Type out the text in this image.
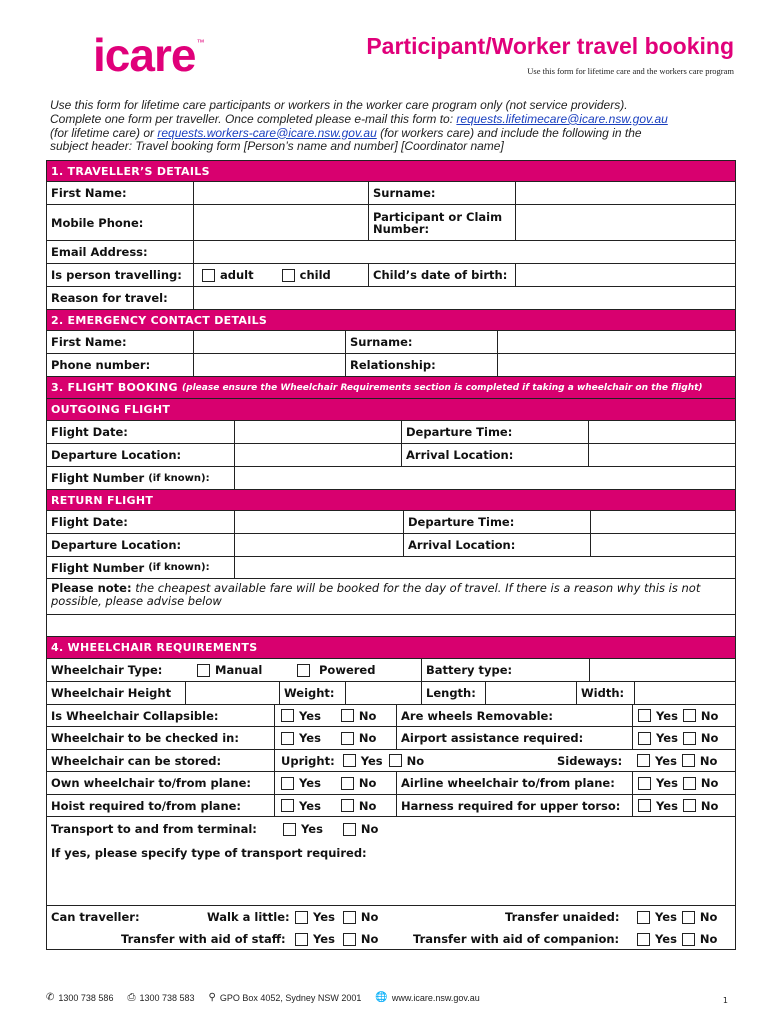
icare ™	Participant/Worker travel booking
Use this form for lifetime care and the workers care program
Use this form for lifetime care participants or workers in the worker care program only (not service providers).
Complete one form per traveller. Once completed please e-mail this form to: requests.lifetimecare@icare.nsw.gov.au
(for lifetime care) or requests.workers-care@icare.nsw.gov.au (for workers care) and include the following in the
subject header: Travel booking form [Person’s name and number] [Coordinator name]
1. TRAVELLER’S DETAILS
First Name:	Surname:
Mobile Phone:	Participant or Claim Number:
Email Address:
Is person travelling:	adult	child	Child’s date of birth:
Reason for travel:
2. EMERGENCY CONTACT DETAILS
First Name:	Surname:
Phone number:	Relationship:
3. FLIGHT BOOKING
(please ensure the Wheelchair Requirements section is completed if taking a wheelchair on the flight)
OUTGOING FLIGHT
Flight Date:	Departure Time:
Departure Location:	Arrival Location:
Flight Number
(if known):
RETURN FLIGHT
Flight Date:	Departure Time:
Departure Location:	Arrival Location:
Flight Number
(if known):
Please note: the cheapest available fare will be booked for the day of travel. If there is a reason why this is not possible, please advise below
4. WHEELCHAIR REQUIREMENTS
Wheelchair Type:	Manual	Powered	Battery type:
Wheelchair Height	Weight:	Length:	Width:
Is Wheelchair Collapsible:	Yes	No	Are wheels Removable:	Yes No
Wheelchair to be checked in:	Yes	No	Airport assistance required:	Yes No
Wheelchair can be stored:	Upright: Yes No	Sideways:	Yes No
Own wheelchair to/from plane:	Yes	No	Airline wheelchair to/from plane:	Yes No
Hoist required to/from plane:	Yes	No	Harness required for upper torso:	Yes No
Transport to and from terminal:	Yes	No
If yes, please specify type of transport required:
Can traveller:	Walk a little: Yes No	Transfer unaided:	Yes No
Transfer with aid of staff: Yes No	Transfer with aid of companion:	Yes No
✆ 1300 738 586 ⎙ 1300 738 583 ⚲ GPO Box 4052, Sydney NSW 2001 🌐 www.icare.nsw.gov.au	1
